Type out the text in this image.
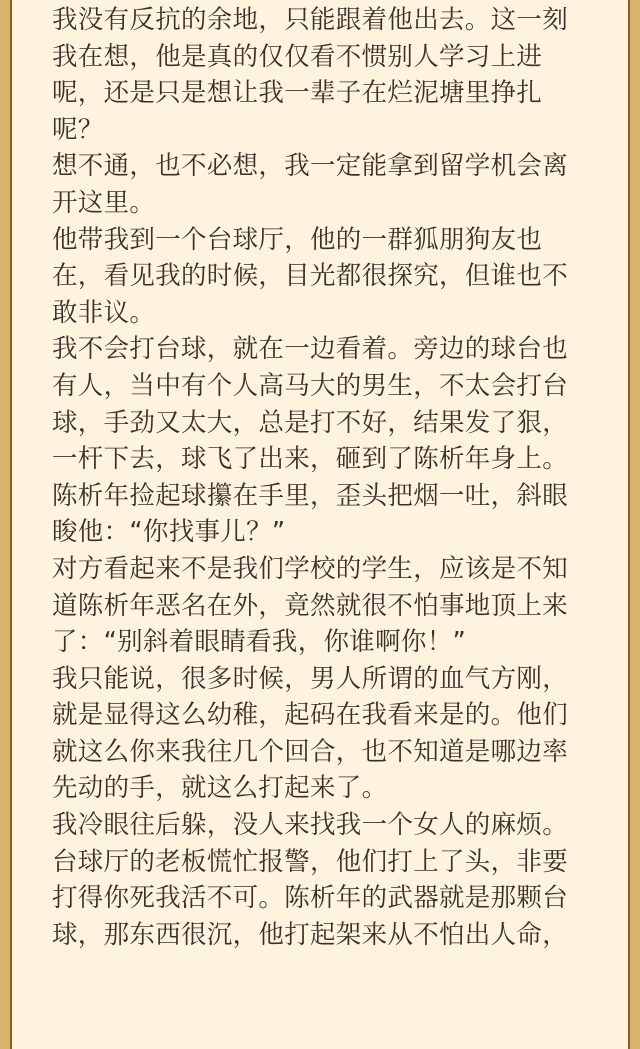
我没有反抗的余地，只能跟着他出去。这一刻
我在想，他是真的仅仅看不惯别人学习上进
呢，还是只是想让我一辈子在烂泥塘里挣扎
呢？

想不通，也不必想，我一定能拿到留学机会离
开这里。

他带我到一个台球厅，他的一群狐朋狗友也
在，看见我的时候，目光都很探究，但谁也不
敢非议。

我不会打台球，就在一边看着。旁边的球台也
有人，当中有个人高马大的男生，不太会打台
球，手劲又太大，总是打不好，结果发了狠，
一杆下去，球飞了出来，砸到了陈析年身上。

陈析年捡起球攥在手里，歪头把烟一吐，斜眼
睃他：“你找事儿？”

对方看起来不是我们学校的学生，应该是不知
道陈析年恶名在外，竟然就很不怕事地顶上来
了：“别斜着眼睛看我，你谁啊你！”

我只能说，很多时候，男人所谓的血气方刚，
就是显得这么幼稚，起码在我看来是的。他们
就这么你来我往几个回合，也不知道是哪边率
先动的手，就这么打起来了。

我冷眼往后躲，没人来找我一个女人的麻烦。
台球厅的老板慌忙报警，他们打上了头，非要
打得你死我活不可。陈析年的武器就是那颗台
球，那东西很沉，他打起架来从不怕出人命，
